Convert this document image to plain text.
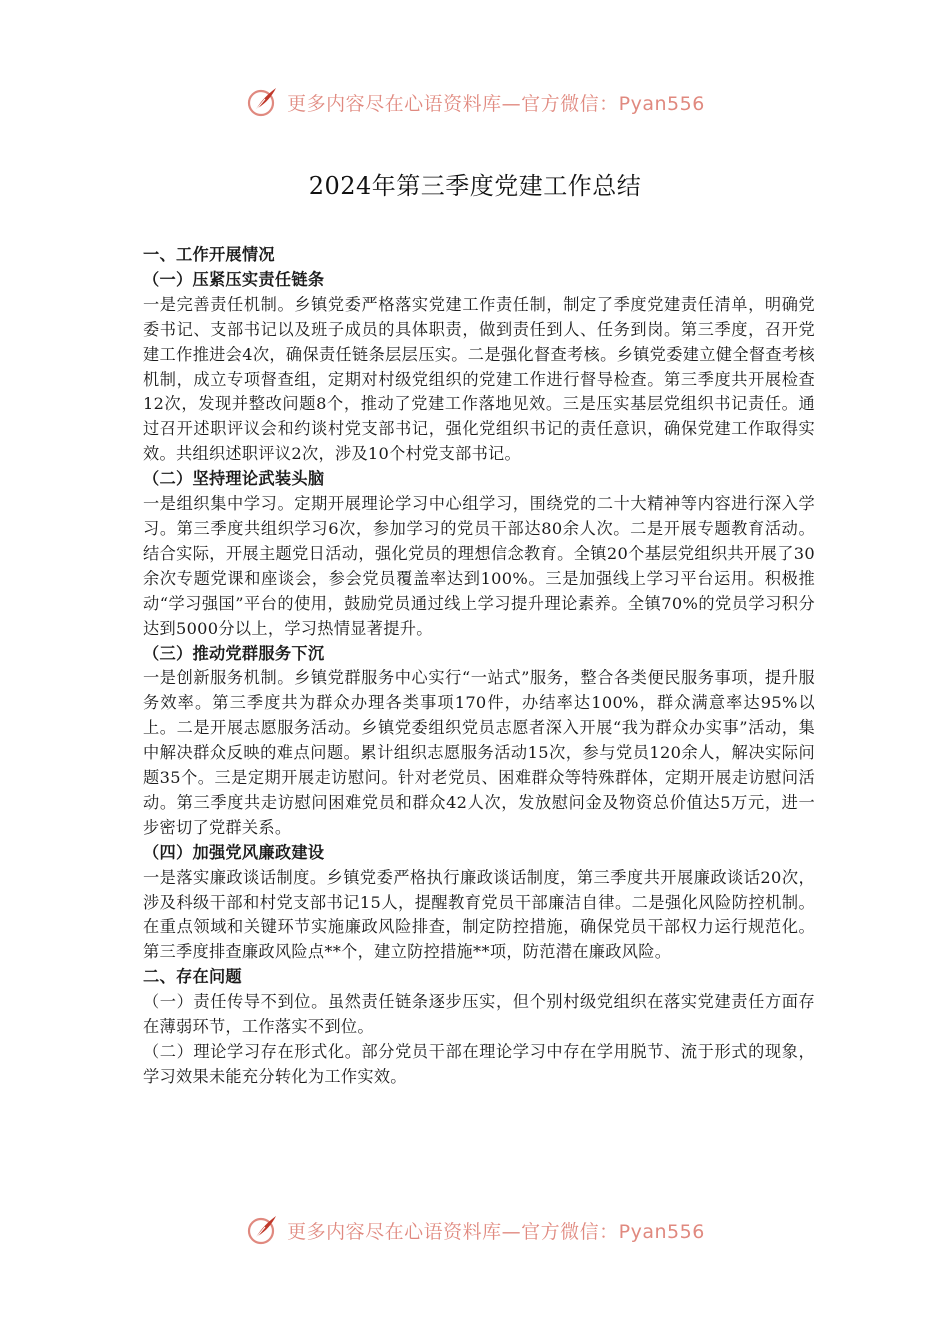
更多内容尽在心语资料库—官方微信：Pyan556
2024年第三季度党建工作总结

一、工作开展情况

（一）压紧压实责任链条

一是完善责任机制。乡镇党委严格落实党建工作责任制，制定了季度党建责任清单，明确党委书记、支部书记以及班子成员的具体职责，做到责任到人、任务到岗。第三季度，召开党建工作推进会4次，确保责任链条层层压实。二是强化督查考核。乡镇党委建立健全督查考核机制，成立专项督查组，定期对村级党组织的党建工作进行督导检查。第三季度共开展检查12次，发现并整改问题8个，推动了党建工作落地见效。三是压实基层党组织书记责任。通过召开述职评议会和约谈村党支部书记，强化党组织书记的责任意识，确保党建工作取得实效。共组织述职评议2次，涉及10个村党支部书记。

（二）坚持理论武装头脑

一是组织集中学习。定期开展理论学习中心组学习，围绕党的二十大精神等内容进行深入学习。第三季度共组织学习6次，参加学习的党员干部达80余人次。二是开展专题教育活动。结合实际，开展主题党日活动，强化党员的理想信念教育。全镇20个基层党组织共开展了30余次专题党课和座谈会，参会党员覆盖率达到100%。三是加强线上学习平台运用。积极推动“学习强国”平台的使用，鼓励党员通过线上学习提升理论素养。全镇70%的党员学习积分达到5000分以上，学习热情显著提升。

（三）推动党群服务下沉

一是创新服务机制。乡镇党群服务中心实行“一站式”服务，整合各类便民服务事项，提升服务效率。第三季度共为群众办理各类事项170件，办结率达100%，群众满意率达95%以上。二是开展志愿服务活动。乡镇党委组织党员志愿者深入开展“我为群众办实事”活动，集中解决群众反映的难点问题。累计组织志愿服务活动15次，参与党员120余人，解决实际问题35个。三是定期开展走访慰问。针对老党员、困难群众等特殊群体，定期开展走访慰问活动。第三季度共走访慰问困难党员和群众42人次，发放慰问金及物资总价值达5万元，进一步密切了党群关系。

（四）加强党风廉政建设

一是落实廉政谈话制度。乡镇党委严格执行廉政谈话制度，第三季度共开展廉政谈话20次，涉及科级干部和村党支部书记15人，提醒教育党员干部廉洁自律。二是强化风险防控机制。在重点领域和关键环节实施廉政风险排查，制定防控措施，确保党员干部权力运行规范化。第三季度排查廉政风险点**个，建立防控措施**项，防范潜在廉政风险。

二、存在问题

（一）责任传导不到位。虽然责任链条逐步压实，但个别村级党组织在落实党建责任方面存在薄弱环节，工作落实不到位。

（二）理论学习存在形式化。部分党员干部在理论学习中存在学用脱节、流于形式的现象，学习效果未能充分转化为工作实效。

更多内容尽在心语资料库—官方微信：Pyan556
